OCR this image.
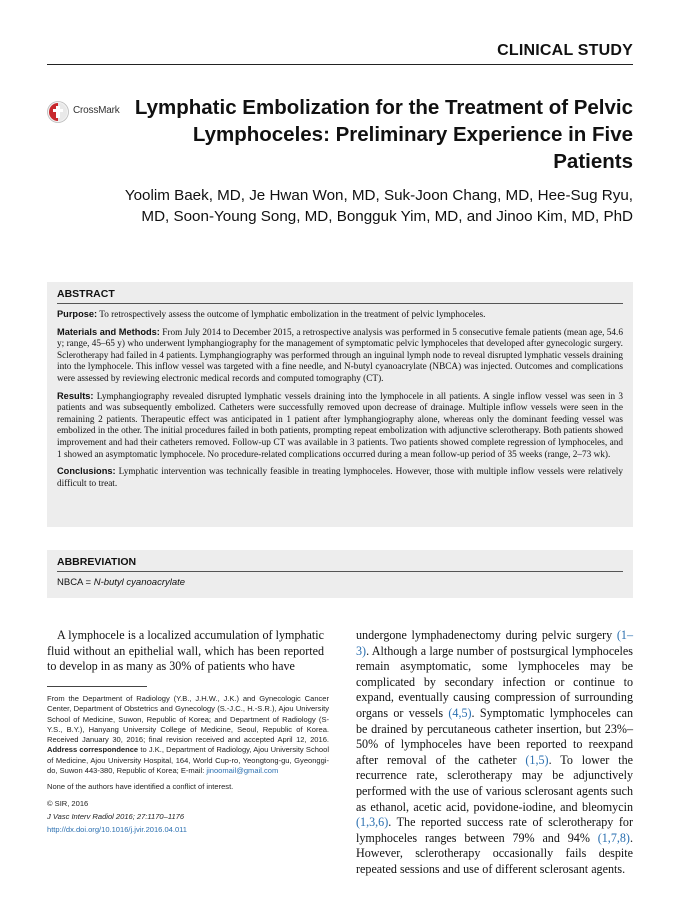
CLINICAL STUDY
CrossMark Lymphatic Embolization for the Treatment of Pelvic Lymphoceles: Preliminary Experience in Five Patients
Yoolim Baek, MD, Je Hwan Won, MD, Suk-Joon Chang, MD, Hee-Sug Ryu, MD, Soon-Young Song, MD, Bongguk Yim, MD, and Jinoo Kim, MD, PhD
ABSTRACT

Purpose: To retrospectively assess the outcome of lymphatic embolization in the treatment of pelvic lymphoceles.

Materials and Methods: From July 2014 to December 2015, a retrospective analysis was performed in 5 consecutive female patients (mean age, 54.6 y; range, 45–65 y) who underwent lymphangiography for the management of symptomatic pelvic lymphoceles that developed after gynecologic surgery. Sclerotherapy had failed in 4 patients. Lymphangiography was performed through an inguinal lymph node to reveal disrupted lymphatic vessels draining into the lymphocele. This inflow vessel was targeted with a fine needle, and N-butyl cyanoacrylate (NBCA) was injected. Outcomes and complications were assessed by reviewing electronic medical records and computed tomography (CT).

Results: Lymphangiography revealed disrupted lymphatic vessels draining into the lymphocele in all patients. A single inflow vessel was seen in 3 patients and was subsequently embolized. Catheters were successfully removed upon decrease of drainage. Multiple inflow vessels were seen in the remaining 2 patients. Therapeutic effect was anticipated in 1 patient after lymphangiography alone, whereas only the dominant feeding vessel was embolized in the other. The initial procedures failed in both patients, prompting repeat embolization with adjunctive sclerotherapy. Both patients showed improvement and had their catheters removed. Follow-up CT was available in 3 patients. Two patients showed complete regression of lymphoceles, and 1 showed an asymptomatic lymphocele. No procedure-related complications occurred during a mean follow-up period of 35 weeks (range, 2–73 wk).

Conclusions: Lymphatic intervention was technically feasible in treating lymphoceles. However, those with multiple inflow vessels were relatively difficult to treat.

ABBREVIATION
NBCA = N-butyl cyanoacrylate

A lymphocele is a localized accumulation of lymphatic fluid without an epithelial wall, which has been reported to develop in as many as 30% of patients who have

From the Department of Radiology (Y.B., J.H.W., J.K.) and Gynecologic Cancer Center, Department of Obstetrics and Gynecology (S.-J.C., H.-S.R.), Ajou University School of Medicine, Suwon, Republic of Korea; and Department of Radiology (S-Y.S., B.Y.), Hanyang University College of Medicine, Seoul, Republic of Korea. Received January 30, 2016; final revision received and accepted April 12, 2016. Address correspondence to J.K., Department of Radiology, Ajou University School of Medicine, Ajou University Hospital, 164, World Cup-ro, Yeongtong-gu, Gyeonggi-do, Suwon 443-380, Republic of Korea; E-mail: jinoomail@gmail.com

None of the authors have identified a conflict of interest.

© SIR, 2016

J Vasc Interv Radiol 2016; 27:1170–1176

http://dx.doi.org/10.1016/j.jvir.2016.04.011

undergone lymphadenectomy during pelvic surgery (1–3). Although a large number of postsurgical lymphoceles remain asymptomatic, some lymphoceles may be complicated by secondary infection or continue to expand, eventually causing compression of surrounding organs or vessels (4,5). Symptomatic lymphoceles can be drained by percutaneous catheter insertion, but 23%–50% of lymphoceles have been reported to reexpand after removal of the catheter (1,5). To lower the recurrence rate, sclerotherapy may be adjunctively performed with the use of various sclerosant agents such as ethanol, acetic acid, povidone-iodine, and bleomycin (1,3,6). The reported success rate of sclerotherapy for lymphoceles ranges between 79% and 94% (1,7,8). However, sclerotherapy occasionally fails despite repeated sessions and use of different sclerosant agents.
